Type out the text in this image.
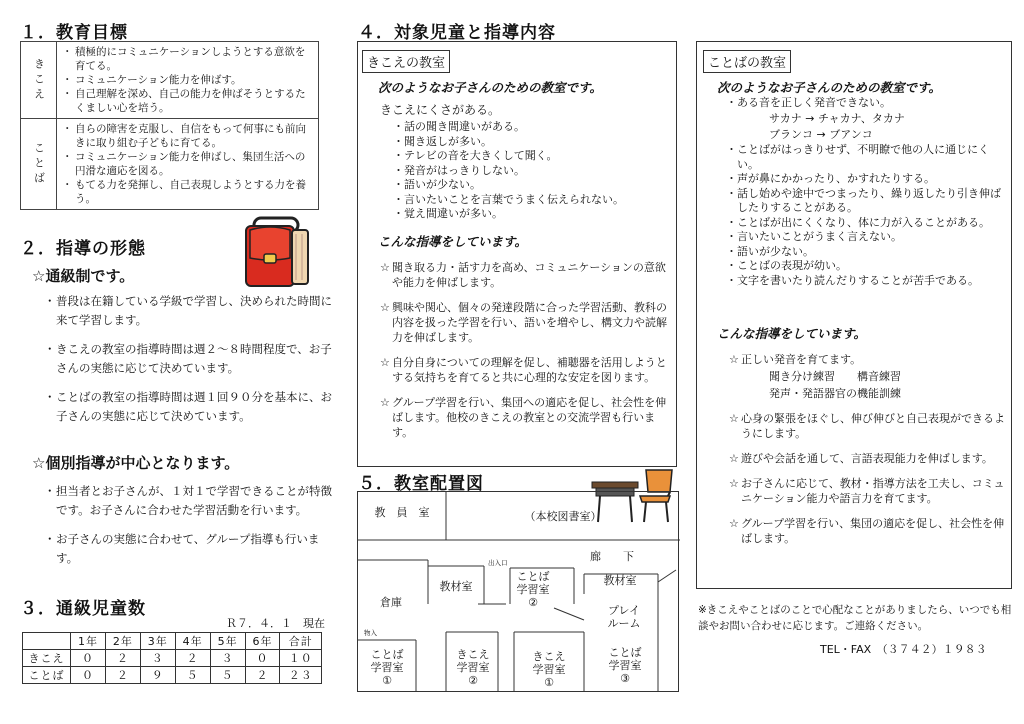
１．教育目標
きこえ
・ 積極的にコミュニケーションしようとする意欲を育てる。
・ コミュニケーション能力を伸ばす。
・ 自己理解を深め、自己の能力を伸ばそうとするたくましい心を培う。
ことば
・ 自らの障害を克服し、自信をもって何事にも前向きに取り組む子どもに育てる。
・ コミュニケーション能力を伸ばし、集団生活への円滑な適応を図る。
・ もてる力を発揮し、自己表現しようとする力を養う。
２．指導の形態
☆通級制です。
・ 普段は在籍している学級で学習し、決められた時間に来て学習します。
・ きこえの教室の指導時間は週２～８時間程度で、お子さんの実態に応じて決めています。
・ ことばの教室の指導時間は週１回９０分を基本に、お子さんの実態に応じて決めています。
☆個別指導が中心となります。
・ 担当者とお子さんが、１対１で学習できることが特徴です。お子さんに合わせた学習活動を行います。
・ お子さんの実態に合わせて、グループ指導も行います。
３．通級児童数
Ｒ７．４．１　現在
	1年	2年	3年	4年	5年	6年	合計
きこえ	０	２	３	２	３	０	１０
ことば	０	２	９	５	５	２	２３
４．対象児童と指導内容
きこえの教室
次のようなお子さんのための教室です。
きこえにくさがある。
・ 話の聞き間違いがある。
・ 聞き返しが多い。
・ テレビの音を大きくして聞く。
・ 発音がはっきりしない。
・ 語いが少ない。
・ 言いたいことを言葉でうまく伝えられない。
・ 覚え間違いが多い。
こんな指導をしています。
☆ 聞き取る力・話す力を高め、コミュニケーションの意欲や能力を伸ばします。
☆ 興味や関心、個々の発達段階に合った学習活動、教科の内容を扱った学習を行い、語いを増やし、構文力や読解力を伸ばします。
☆ 自分自身についての理解を促し、補聴器を活用しようとする気持ちを育てると共に心理的な安定を図ります。
☆ グループ学習を行い、集団への適応を促し、社会性を伸ばします。他校のきこえの教室との交流学習も行います。
５．教室配置図
教　員　室	（本校図書室）
廊　　下
出入口
ことば
学習室
②
教材室	教材室
倉庫
物入
プレイ
ルーム
ことば
学習室
①
きこえ
学習室
②
きこえ
学習室
①
ことば
学習室
③
ことばの教室
次のようなお子さんのための教室です。
・ ある音を正しく発音できない。
サカナ → チャカナ、タカナ
ブランコ → ブアンコ
・ ことばがはっきりせず、不明瞭で他の人に通じにくい。
・ 声が鼻にかかったり、かすれたりする。
・ 話し始めや途中でつまったり、繰り返したり引き伸ばしたりすることがある。
・ ことばが出にくくなり、体に力が入ることがある。
・ 言いたいことがうまく言えない。
・ 語いが少ない。
・ ことばの表現が幼い。
・ 文字を書いたり読んだりすることが苦手である。
こんな指導をしています。
☆ 正しい発音を育てます。
聞き分け練習　　構音練習
発声・発語器官の機能訓練
☆ 心身の緊張をほぐし、伸び伸びと自己表現ができるようにします。
☆ 遊びや会話を通して、言語表現能力を伸ばします。
☆ お子さんに応じて、教材・指導方法を工夫し、コミュニケーション能力や語言力を育てます。
☆ グループ学習を行い、集団の適応を促し、社会性を伸ばします。
※きこえやことばのことで心配なことがありましたら、いつでも相談やお問い合わせに応じます。ご連絡ください。
TEL・FAX　（３７４２）１９８３
